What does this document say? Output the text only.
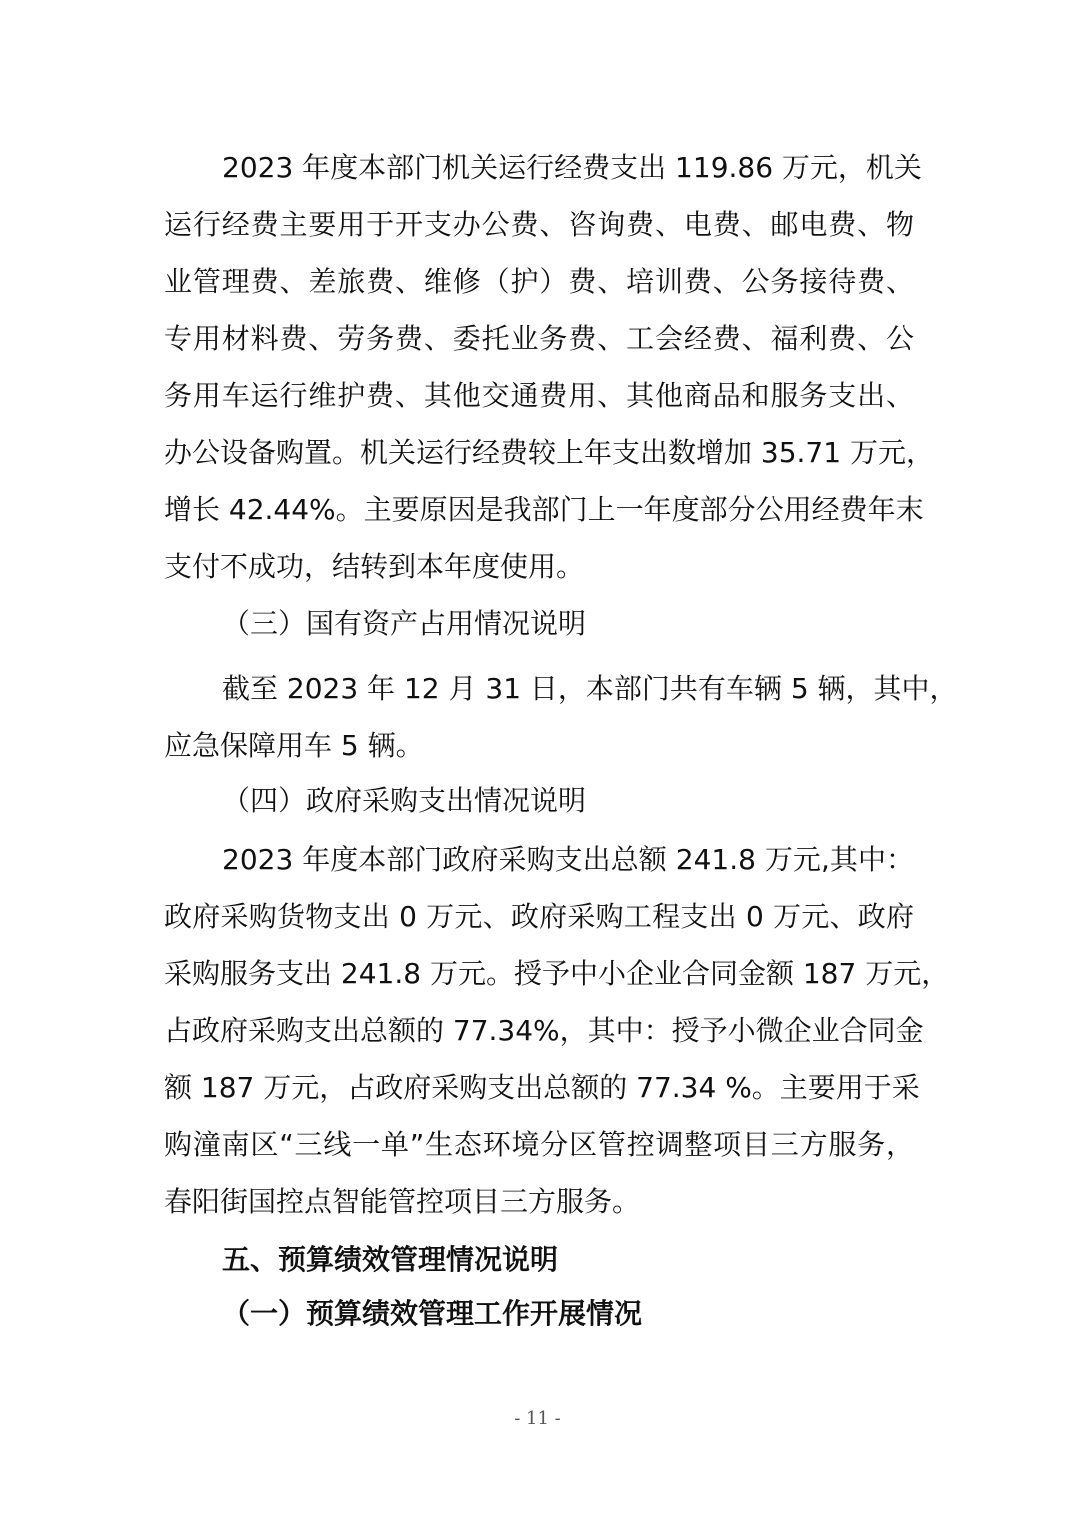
2023 年度本部门机关运行经费支出 119.86 万元，机关
运行经费主要用于开支办公费、咨询费、电费、邮电费、物
业管理费、差旅费、维修（护）费、培训费、公务接待费、
专用材料费、劳务费、委托业务费、工会经费、福利费、公
务用车运行维护费、其他交通费用、其他商品和服务支出、
办公设备购置。机关运行经费较上年支出数增加 35.71 万元，
增长 42.44%。主要原因是我部门上一年度部分公用经费年末
支付不成功，结转到本年度使用。
（三）国有资产占用情况说明
截至 2023 年 12 月 31 日，本部门共有车辆 5 辆，其中，
应急保障用车 5 辆。
（四）政府采购支出情况说明
2023 年度本部门政府采购支出总额 241.8 万元,其中：
政府采购货物支出 0 万元、政府采购工程支出 0 万元、政府
采购服务支出 241.8 万元。授予中小企业合同金额 187 万元，
占政府采购支出总额的 77.34%，其中：授予小微企业合同金
额 187 万元，占政府采购支出总额的 77.34 %。主要用于采
购潼南区“三线一单”生态环境分区管控调整项目三方服务，
春阳街国控点智能管控项目三方服务。
五、预算绩效管理情况说明
（一）预算绩效管理工作开展情况
- 11 -
